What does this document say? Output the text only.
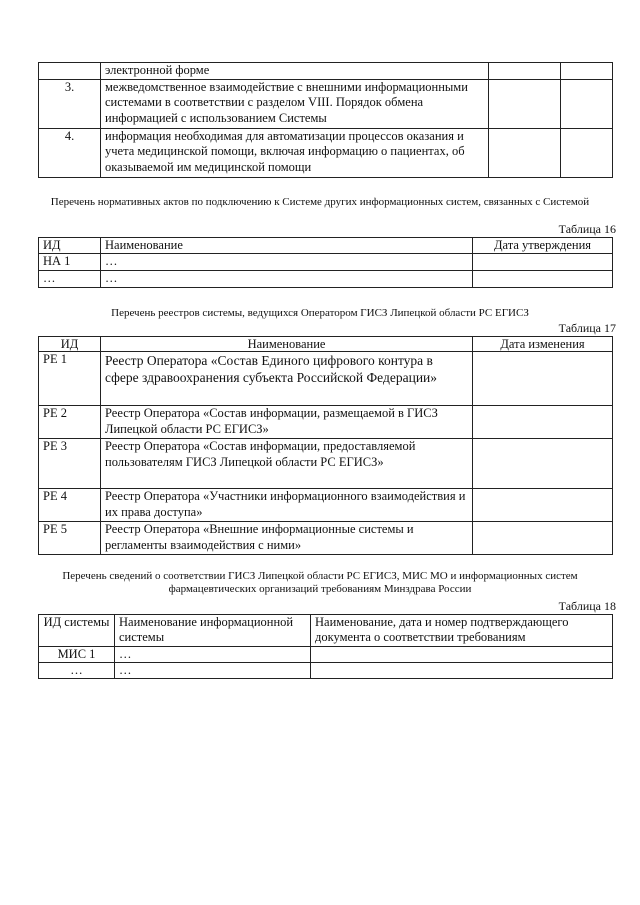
	электронной форме		
3.	межведомственное взаимодействие с внешними информационными системами в соответствии с разделом VIII. Порядок обмена информацией с использованием Системы		
4.	информация необходимая для автоматизации процессов оказания и учета медицинской помощи, включая информацию о пациентах, об оказываемой им медицинской помощи		
Перечень нормативных актов по подключению к Системе других информационных систем, связанных с Системой
Таблица 16
ИД	Наименование	Дата утверждения
НА 1	…	
…	…	
Перечень реестров системы, ведущихся Оператором ГИСЗ Липецкой области РС ЕГИСЗ
Таблица 17
ИД	Наименование	Дата изменения
РЕ 1	Реестр Оператора «Состав Единого цифрового контура в сфере здравоохранения субъекта Российской Федерации»	
РЕ 2	Реестр Оператора «Состав информации, размещаемой в ГИСЗ Липецкой области РС ЕГИСЗ»	
РЕ 3	Реестр Оператора «Состав информации, предоставляемой пользователям ГИСЗ Липецкой области РС ЕГИСЗ»	
РЕ 4	Реестр Оператора «Участники информационного взаимодействия и их права доступа»	
РЕ 5	Реестр Оператора «Внешние информационные системы и регламенты взаимодействия с ними»	
Перечень сведений о соответствии ГИСЗ Липецкой области РС ЕГИСЗ, МИС МО и информационных систем фармацевтических организаций требованиям Минздрава России
Таблица 18
ИД системы	Наименование информационной системы	Наименование, дата и номер подтверждающего документа о соответствии требованиям
МИС 1	…	
…	…	
